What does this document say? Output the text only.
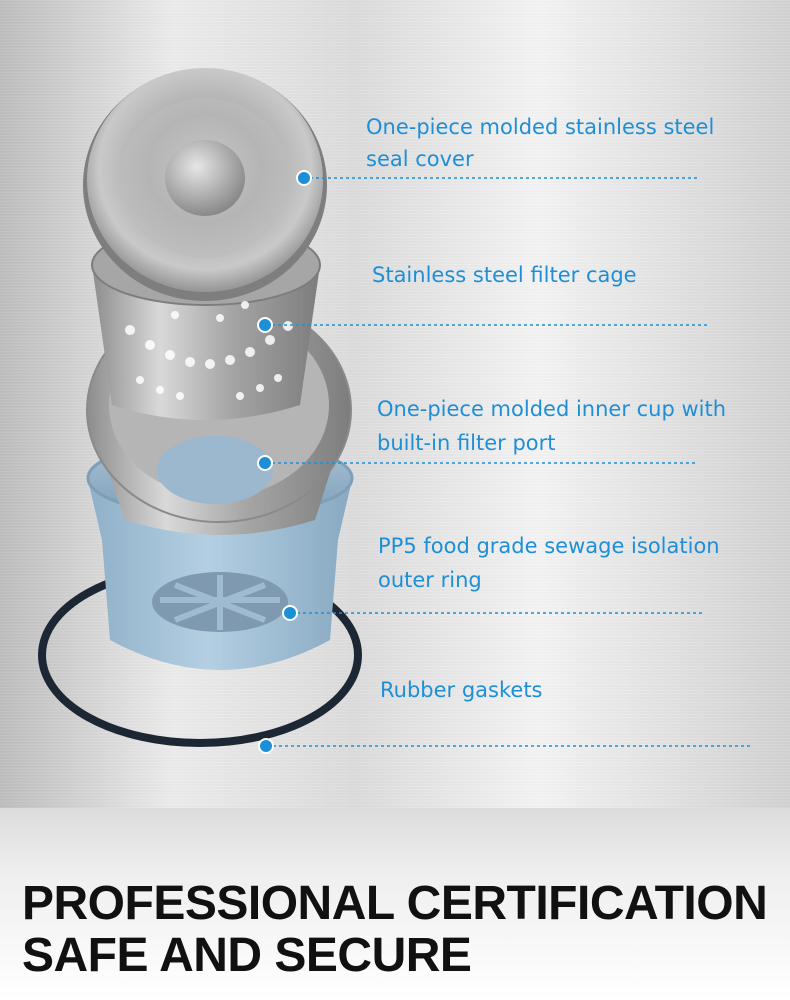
One-piece molded stainless steel

seal cover

Stainless steel filter cage

One-piece molded inner cup with

built-in filter port

PP5 food grade sewage isolation

outer ring

Rubber gaskets

PROFESSIONAL CERTIFICATION
SAFE AND SECURE
